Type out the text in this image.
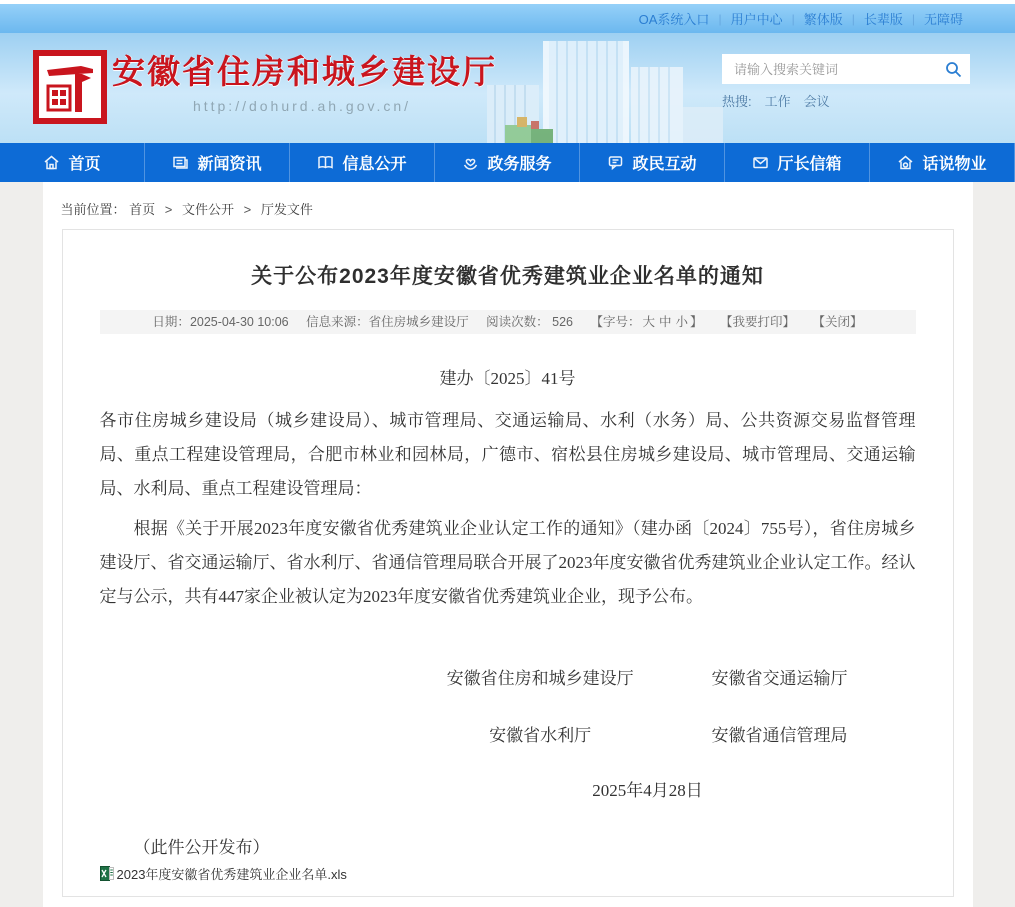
OA系统入口 | 用户中心 | 繁体版 | 长辈版 | 无障碍
安徽省住房和城乡建设厅
http://dohurd.ah.gov.cn/
请输入搜索关键词	热搜: 工作 会议
首页	新闻资讯	信息公开	政务服务	政民互动	厅长信箱	话说物业
当前位置： 首页 > 文件公开 > 厅发文件
关于公布2023年度安徽省优秀建筑业企业名单的通知
日期：2025-04-30 10:06 信息来源：省住房城乡建设厅 阅读次数： 526 【字号： 大 中 小 】 【我要打印】 【关闭】
建办〔2025〕41号

各市住房城乡建设局（城乡建设局）、城市管理局、交通运输局、水利（水务）局、公共资源交易监督管理局、重点工程建设管理局，合肥市林业和园林局，广德市、宿松县住房城乡建设局、城市管理局、交通运输局、水利局、重点工程建设管理局：

根据《关于开展2023年度安徽省优秀建筑业企业认定工作的通知》（建办函〔2024〕755号），省住房城乡建设厅、省交通运输厅、省水利厅、省通信管理局联合开展了2023年度安徽省优秀建筑业企业认定工作。经认定与公示，共有447家企业被认定为2023年度安徽省优秀建筑业企业，现予公布。

安徽省住房和城乡建设厅	安徽省交通运输厅
安徽省水利厅	安徽省通信管理局
2025年4月28日
（此件公开发布）
2023年度安徽省优秀建筑业企业名单.xls
